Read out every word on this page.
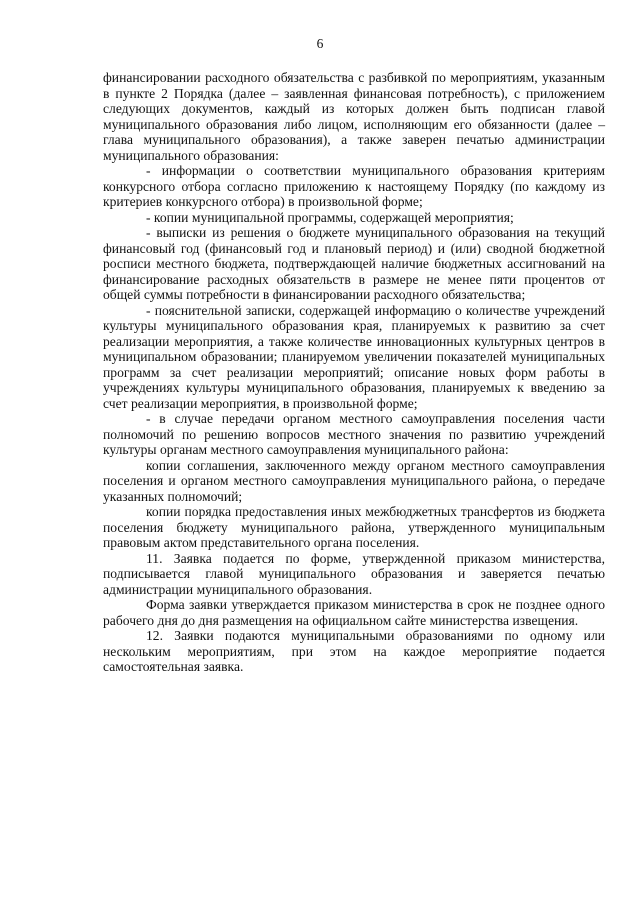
6

финансировании расходного обязательства с разбивкой по мероприятиям, указанным в пункте 2 Порядка (далее – заявленная финансовая потребность), с приложением следующих документов, каждый из которых должен быть подписан главой муниципального образования либо лицом, исполняющим его обязанности (далее – глава муниципального образования), а также заверен печатью администрации муниципального образования:

- информации о соответствии муниципального образования критериям конкурсного отбора согласно приложению к настоящему Порядку (по каждому из критериев конкурсного отбора) в произвольной форме;

- копии муниципальной программы, содержащей мероприятия;

- выписки из решения о бюджете муниципального образования на текущий финансовый год (финансовый год и плановый период) и (или) сводной бюджетной росписи местного бюджета, подтверждающей наличие бюджетных ассигнований на финансирование расходных обязательств в размере не менее пяти процентов от общей суммы потребности в финансировании расходного обязательства;

- пояснительной записки, содержащей информацию о количестве учреждений культуры муниципального образования края, планируемых к развитию за счет реализации мероприятия, а также количестве инновационных культурных центров в муниципальном образовании; планируемом увеличении показателей муниципальных программ за счет реализации мероприятий; описание новых форм работы в учреждениях культуры муниципального образования, планируемых к введению за счет реализации мероприятия, в произвольной форме;

- в случае передачи органом местного самоуправления поселения части полномочий по решению вопросов местного значения по развитию учреждений культуры органам местного самоуправления муниципального района:

копии соглашения, заключенного между органом местного самоуправления поселения и органом местного самоуправления муниципального района, о передаче указанных полномочий;

копии порядка предоставления иных межбюджетных трансфертов из бюджета поселения бюджету муниципального района, утвержденного муниципальным правовым актом представительного органа поселения.

11. Заявка подается по форме, утвержденной приказом министерства, подписывается главой муниципального образования и заверяется печатью администрации муниципального образования.

Форма заявки утверждается приказом министерства в срок не позднее одного рабочего дня до дня размещения на официальном сайте министерства извещения.

12. Заявки подаются муниципальными образованиями по одному или нескольким мероприятиям, при этом на каждое мероприятие подается самостоятельная заявка.
